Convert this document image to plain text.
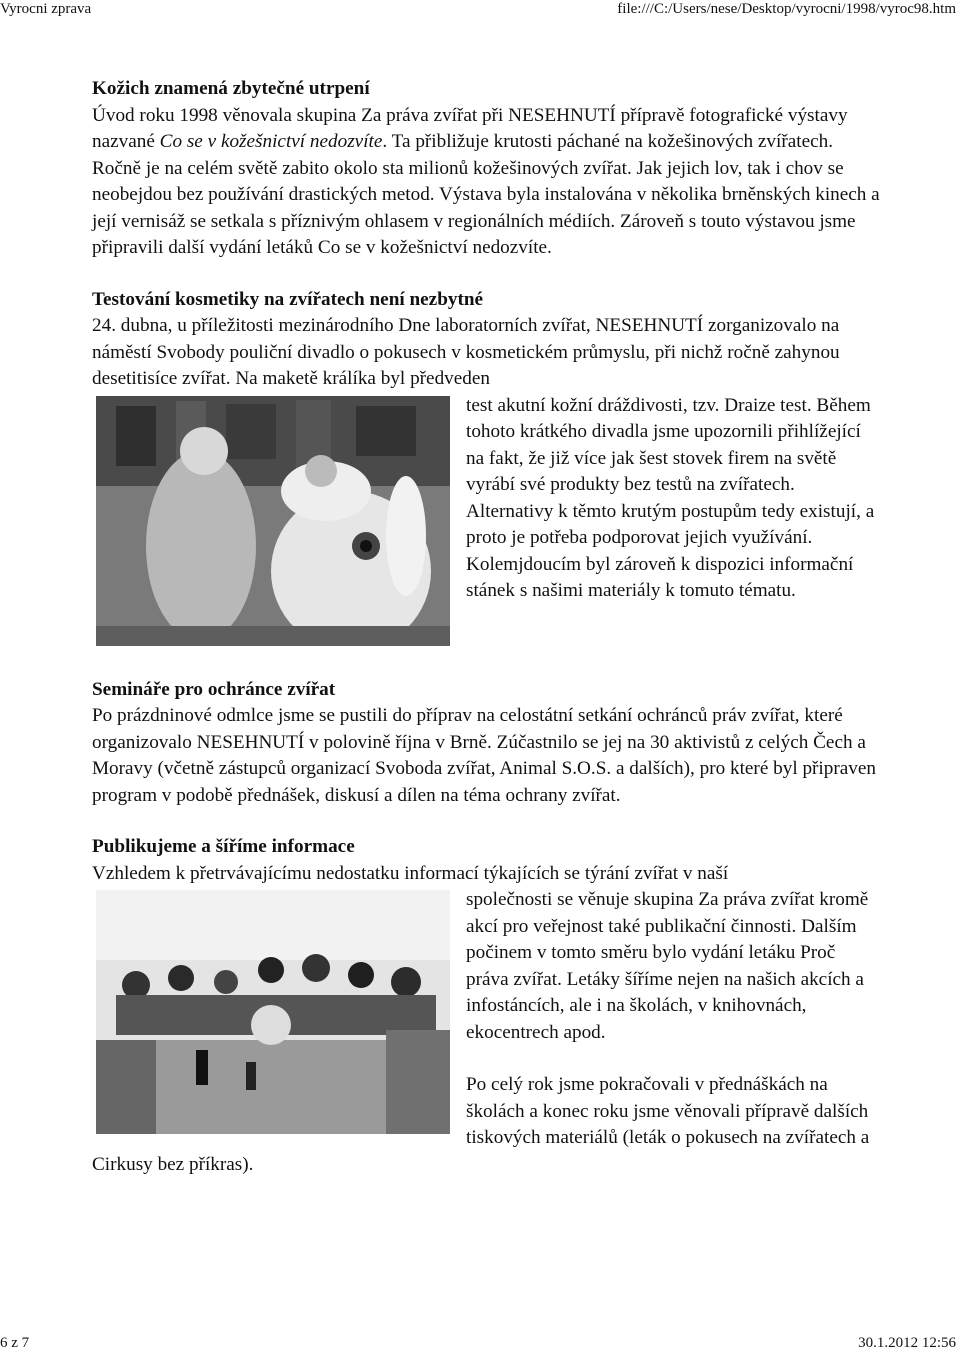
Vyrocni zprava	file:///C:/Users/nese/Desktop/vyrocni/1998/vyroc98.htm

Kožich znamená zbytečné utrpení

Úvod roku 1998 věnovala skupina Za práva zvířat při NESEHNUTÍ přípravě fotografické výstavy nazvané Co se v kožešnictví nedozvíte. Ta přibližuje krutosti páchané na kožešinových zvířatech. Ročně je na celém světě zabito okolo sta milionů kožešinových zvířat. Jak jejich lov, tak i chov se neobejdou bez používání drastických metod. Výstava byla instalována v několika brněnských kinech a její vernisáž se setkala s příznivým ohlasem v regionálních médiích. Zároveň s touto výstavou jsme připravili další vydání letáků Co se v kožešnictví nedozvíte.

Testování kosmetiky na zvířatech není nezbytné

24. dubna, u příležitosti mezinárodního Dne laboratorních zvířat, NESEHNUTÍ zorganizovalo na náměstí Svobody pouliční divadlo o pokusech v kosmetickém průmyslu, při nichž ročně zahynou desetitisíce zvířat. Na maketě králíka byl předveden

test akutní kožní dráždivosti, tzv. Draize test. Během tohoto krátkého divadla jsme upozornili přihlížející na fakt, že již více jak šest stovek firem na světě vyrábí své produkty bez testů na zvířatech. Alternativy k těmto krutým postupům tedy existují, a proto je potřeba podporovat jejich využívání. Kolemjdoucím byl zároveň k dispozici informační stánek s našimi materiály k tomuto tématu.

Semináře pro ochránce zvířat

Po prázdninové odmlce jsme se pustili do příprav na celostátní setkání ochránců práv zvířat, které organizovalo NESEHNUTÍ v polovině října v Brně. Zúčastnilo se jej na 30 aktivistů z celých Čech a Moravy (včetně zástupců organizací Svoboda zvířat, Animal S.O.S. a dalších), pro které byl připraven program v podobě přednášek, diskusí a dílen na téma ochrany zvířat.

Publikujeme a šíříme informace

Vzhledem k přetrvávajícímu nedostatku informací týkajících se týrání zvířat v naší

společnosti se věnuje skupina Za práva zvířat kromě akcí pro veřejnost také publikační činnosti. Dalším počinem v tomto směru bylo vydání letáku Proč práva zvířat. Letáky šíříme nejen na našich akcích a infostáncích, ale i na školách, v knihovnách, ekocentrech apod.

Po celý rok jsme pokračovali v přednáškách na školách a konec roku jsme věnovali přípravě dalších tiskových materiálů (leták o pokusech na zvířatech a Cirkusy bez příkras).

6 z 7	30.1.2012 12:56
